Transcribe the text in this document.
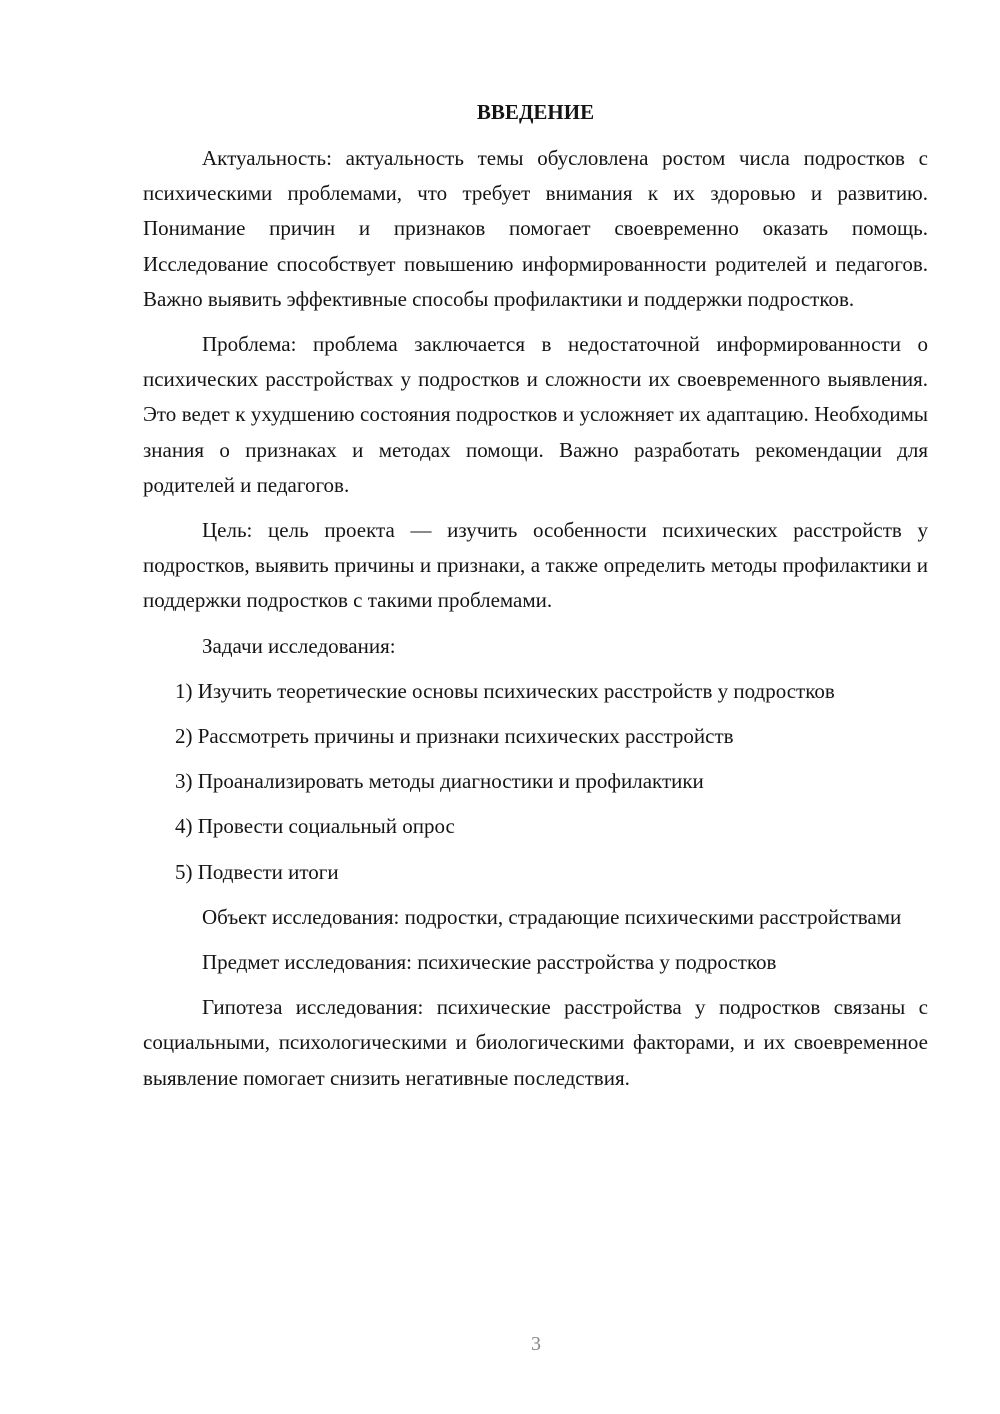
ВВЕДЕНИЕ

Актуальность: актуальность темы обусловлена ростом числа подростков с психическими проблемами, что требует внимания к их здоровью и развитию. Понимание причин и признаков помогает своевременно оказать помощь. Исследование способствует повышению информированности родителей и педагогов. Важно выявить эффективные способы профилактики и поддержки подростков.

Проблема: проблема заключается в недостаточной информированности о психических расстройствах у подростков и сложности их своевременного выявления. Это ведет к ухудшению состояния подростков и усложняет их адаптацию. Необходимы знания о признаках и методах помощи. Важно разработать рекомендации для родителей и педагогов.

Цель: цель проекта — изучить особенности психических расстройств у подростков, выявить причины и признаки, а также определить методы профилактики и поддержки подростков с такими проблемами.

Задачи исследования:

1) Изучить теоретические основы психических расстройств у подростков

2) Рассмотреть причины и признаки психических расстройств

3) Проанализировать методы диагностики и профилактики

4) Провести социальный опрос

5) Подвести итоги

Объект исследования: подростки, страдающие психическими расстройствами

Предмет исследования: психические расстройства у подростков

Гипотеза исследования: психические расстройства у подростков связаны с социальными, психологическими и биологическими факторами, и их своевременное выявление помогает снизить негативные последствия.

3
